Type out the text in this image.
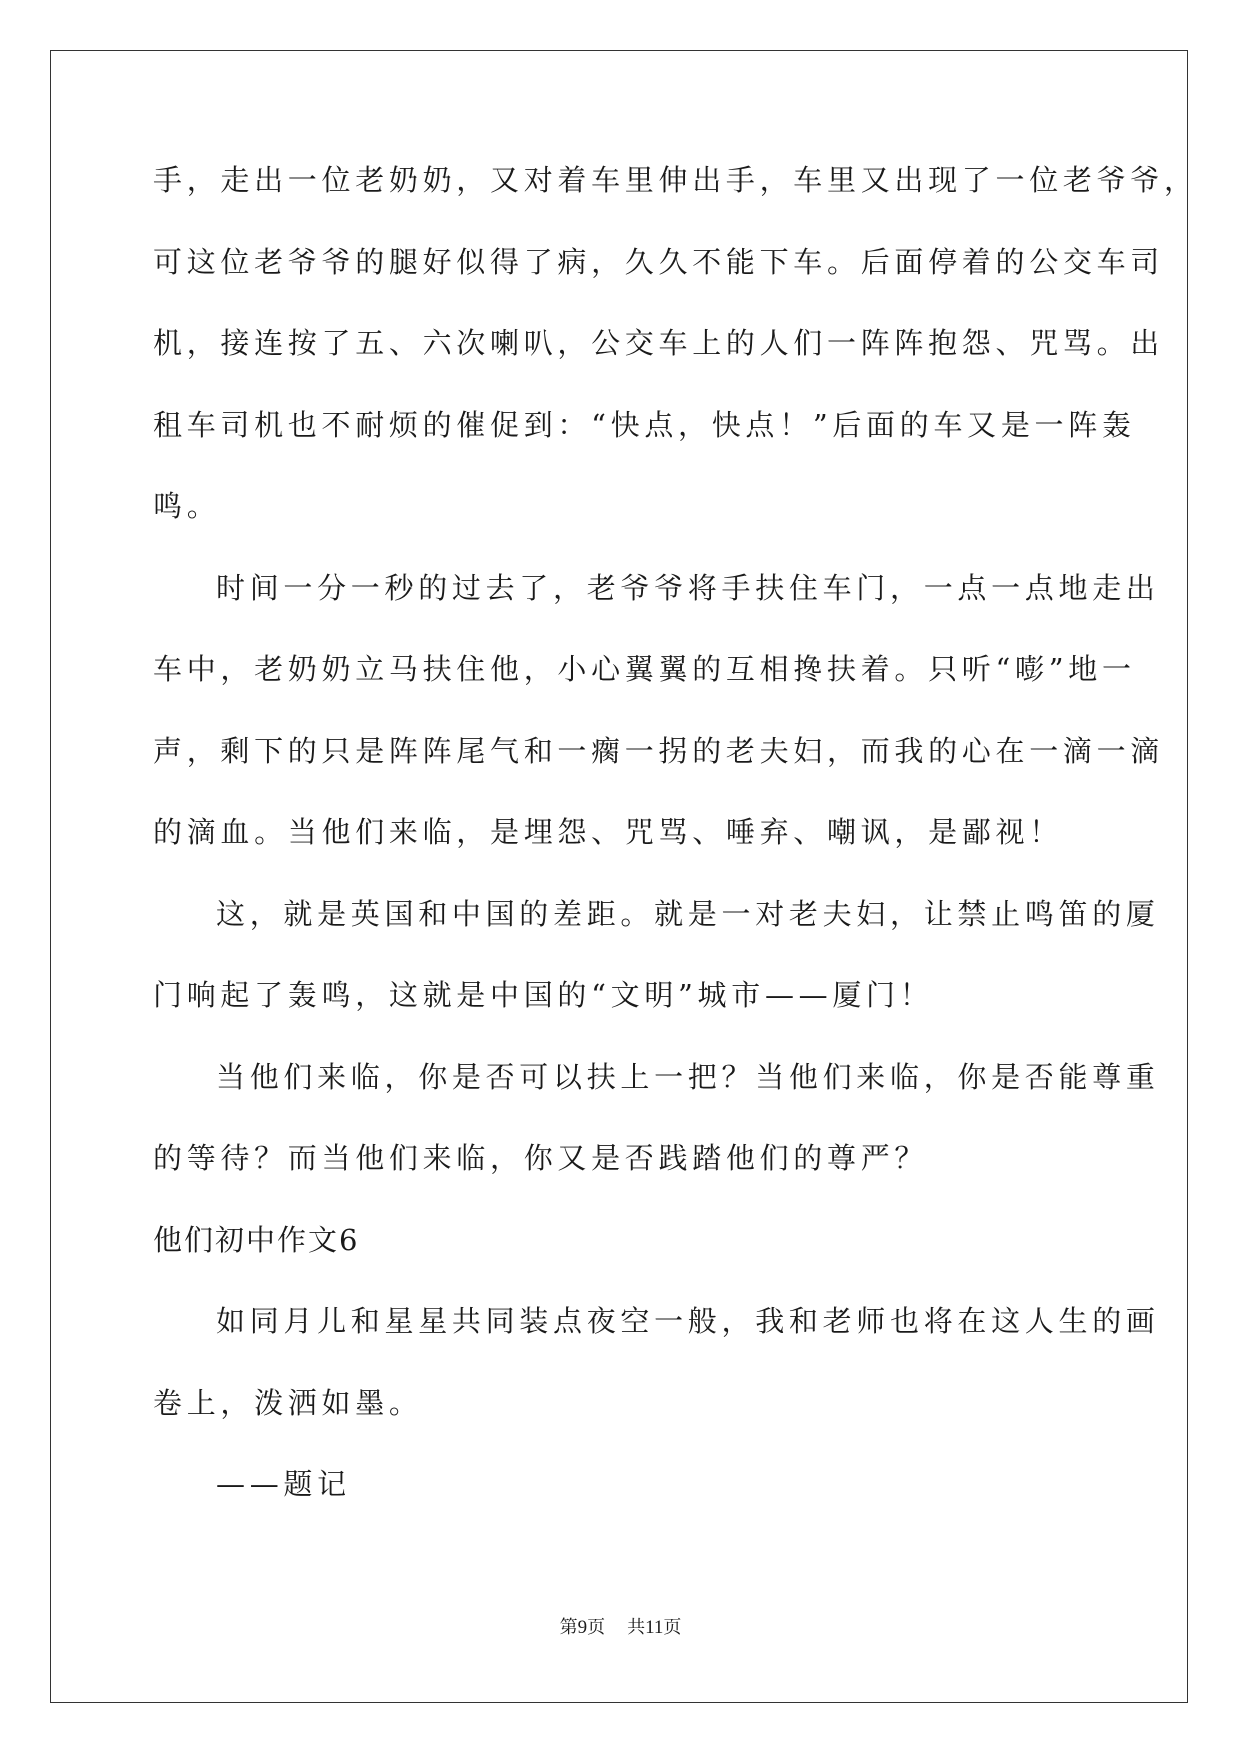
手，走出一位老奶奶，又对着车里伸出手，车里又出现了一位老爷爷，
可这位老爷爷的腿好似得了病，久久不能下车。后面停着的公交车司
机，接连按了五、六次喇叭，公交车上的人们一阵阵抱怨、咒骂。出
租车司机也不耐烦的催促到：“快点，快点！”后面的车又是一阵轰
鸣。
时间一分一秒的过去了，老爷爷将手扶住车门，一点一点地走出
车中，老奶奶立马扶住他，小心翼翼的互相搀扶着。只听“嘭”地一
声，剩下的只是阵阵尾气和一瘸一拐的老夫妇，而我的心在一滴一滴
的滴血。当他们来临，是埋怨、咒骂、唾弃、嘲讽，是鄙视！
这，就是英国和中国的差距。就是一对老夫妇，让禁止鸣笛的厦
门响起了轰鸣，这就是中国的“文明”城市——厦门！
当他们来临，你是否可以扶上一把？当他们来临，你是否能尊重
的等待？而当他们来临，你又是否践踏他们的尊严？
他们初中作文6
如同月儿和星星共同装点夜空一般，我和老师也将在这人生的画
卷上，泼洒如墨。
——题记
第9页 共11页
